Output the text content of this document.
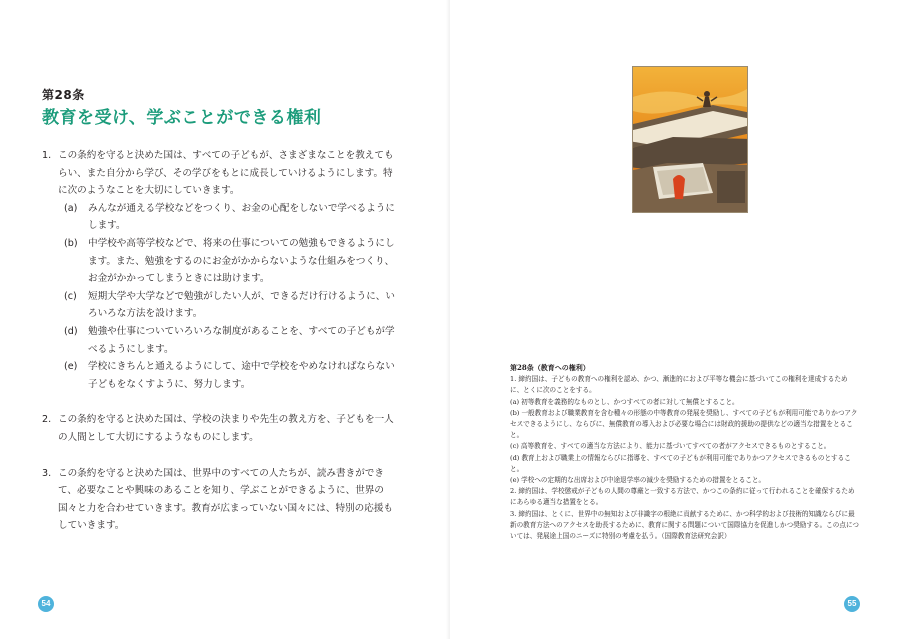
第28条
教育を受け、学ぶことができる権利
1. この条約を守ると決めた国は、すべての子どもが、さまざまなことを教えてもらい、また自分から学び、その学びをもとに成長していけるようにします。特に次のようなことを大切にしていきます。

(a) みんなが通える学校などをつくり、お金の心配をしないで学べるようにします。
(b) 中学校や高等学校などで、将来の仕事についての勉強もできるようにします。また、勉強をするのにお金がかからないような仕組みをつくり、お金がかかってしまうときには助けます。
(c) 短期大学や大学などで勉強がしたい人が、できるだけ行けるように、いろいろな方法を設けます。
(d) 勉強や仕事についていろいろな制度があることを、すべての子どもが学べるようにします。
(e) 学校にきちんと通えるようにして、途中で学校をやめなければならない子どもをなくすように、努力します。
2. この条約を守ると決めた国は、学校の決まりや先生の教え方を、子どもを一人の人間として大切にするようなものにします。

3. この条約を守ると決めた国は、世界中のすべての人たちが、読み書きができて、必要なことや興味のあることを知り、学ぶことができるように、世界の国々と力を合わせていきます。教育が広まっていない国々には、特別の応援もしていきます。

54	55
第28条（教育への権利）

1. 締約国は、子どもの教育への権利を認め、かつ、漸進的におよび平等な機会に基づいてこの権利を達成するために、とくに次のことをする。

(a) 初等教育を義務的なものとし、かつすべての者に対して無償とすること。

(b) 一般教育および職業教育を含む種々の形態の中等教育の発展を奨励し、すべての子どもが利用可能でありかつアクセスできるようにし、ならびに、無償教育の導入および必要な場合には財政的援助の提供などの適当な措置をとること。

(c) 高等教育を、すべての適当な方法により、能力に基づいてすべての者がアクセスできるものとすること。

(d) 教育上および職業上の情報ならびに指導を、すべての子どもが利用可能でありかつアクセスできるものとすること。

(e) 学校への定期的な出席および中途退学率の減少を奨励するための措置をとること。

2. 締約国は、学校懲戒が子どもの人間の尊厳と一致する方法で、かつこの条約に従って行われることを確保するためにあらゆる適当な措置をとる。

3. 締約国は、とくに、世界中の無知および非識字の根絶に貢献するために、かつ科学的および技術的知識ならびに最新の教育方法へのアクセスを助長するために、教育に関する問題について国際協力を促進しかつ奨励する。この点については、発展途上国のニーズに特別の考慮を払う。（国際教育法研究会訳）
